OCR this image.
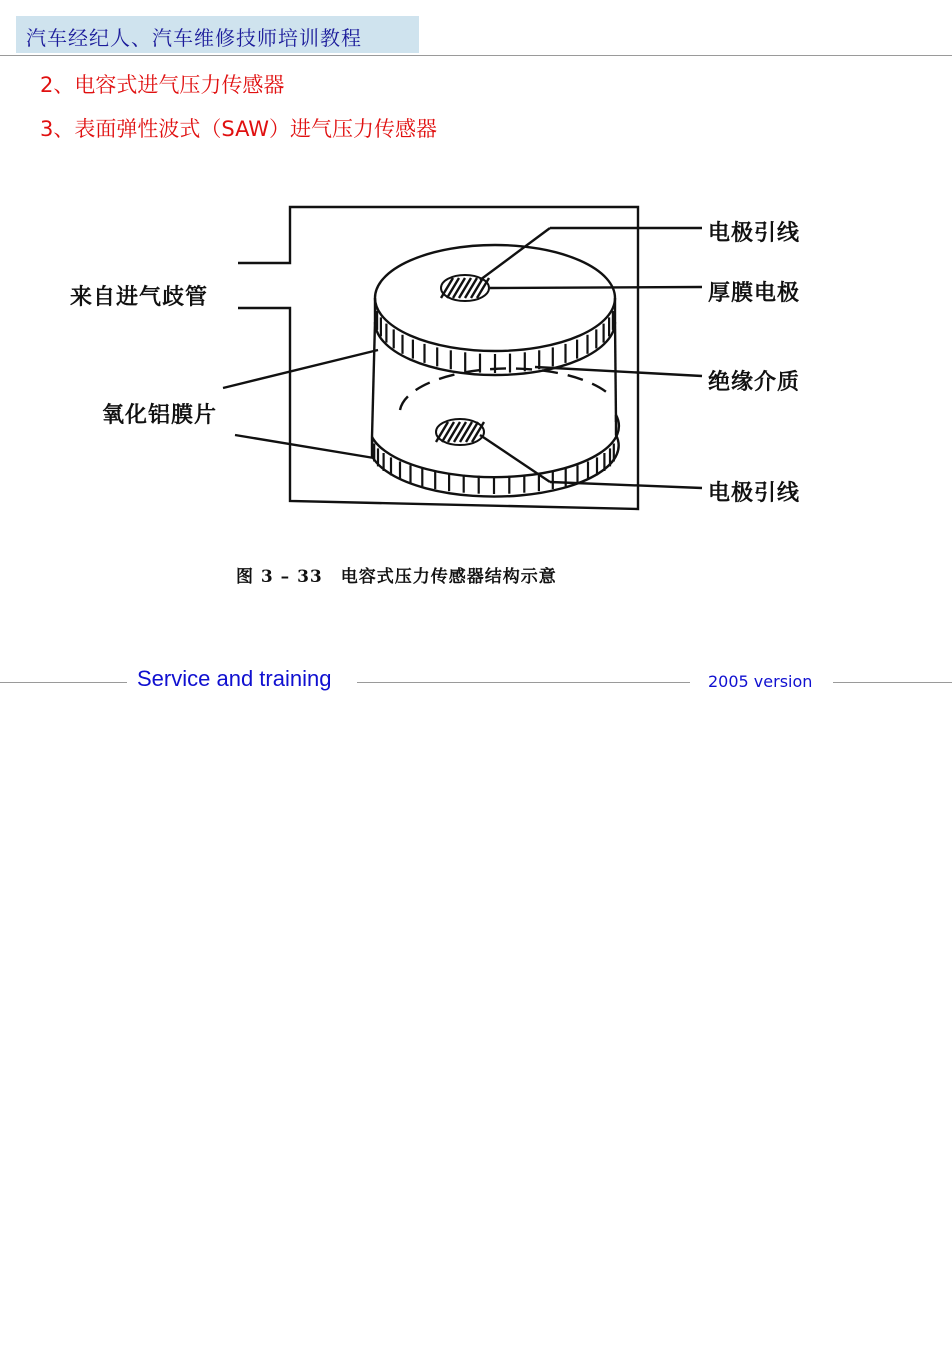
汽车经纪人、汽车维修技师培训教程
2、电容式进气压力传感器
3、表面弹性波式（SAW）进气压力传感器
来自进气歧管
氧化铝膜片
电极引线
厚膜电极
绝缘介质
电极引线
图 3 – 33　电容式压力传感器结构示意
Service and training	2005 version
